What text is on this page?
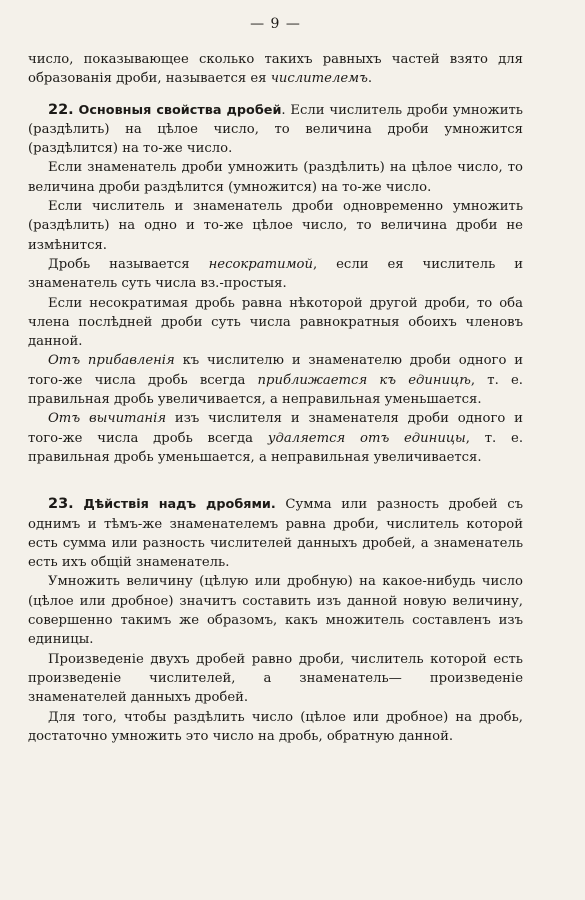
— 9 —

число, показывающее сколько такихъ равныхъ частей взято для образованія дроби, называется ея числителемъ.

22. Основныя свойства дробей. Если числитель дроби умножить (раздѣлить) на цѣлое число, то величина дроби умножится (раздѣлится) на то-же число.

Если знаменатель дроби умножить (раздѣлить) на цѣлое число, то величина дроби раздѣлится (умножится) на то-же число.

Если числитель и знаменатель дроби одновременно умножить (раздѣлить) на одно и то-же цѣлое число, то величина дроби не измѣнится.

Дробь называется несократимой, если ея числитель и знаменатель суть числа вз.-простыя.

Если несократимая дробь равна нѣкоторой другой дроби, то оба члена послѣдней дроби суть числа равнократныя обоихъ членовъ данной.

Отъ прибавленія къ числителю и знаменателю дроби одного и того-же числа дробь всегда приближается къ единицѣ, т. е. правильная дробь увеличивается, а неправильная уменьшается.

Отъ вычитанія изъ числителя и знаменателя дроби одного и того-же числа дробь всегда удаляется отъ единицы, т. е. правильная дробь уменьшается, а неправильная увеличивается.

23. Дѣйствія надъ дробями. Сумма или разность дробей съ однимъ и тѣмъ-же знаменателемъ равна дроби, числитель которой есть сумма или разность числителей данныхъ дробей, а знаменатель есть ихъ общій знаменатель.

Умножить величину (цѣлую или дробную) на какое-нибудь число (цѣлое или дробное) значитъ составить изъ данной новую величину, совершенно такимъ же образомъ, какъ множитель составленъ изъ единицы.

Произведеніе двухъ дробей равно дроби, числитель которой есть произведеніе числителей, а знаменатель— произведеніе знаменателей данныхъ дробей.

Для того, чтобы раздѣлить число (цѣлое или дробное) на дробь, достаточно умножить это число на дробь, обратную данной.
